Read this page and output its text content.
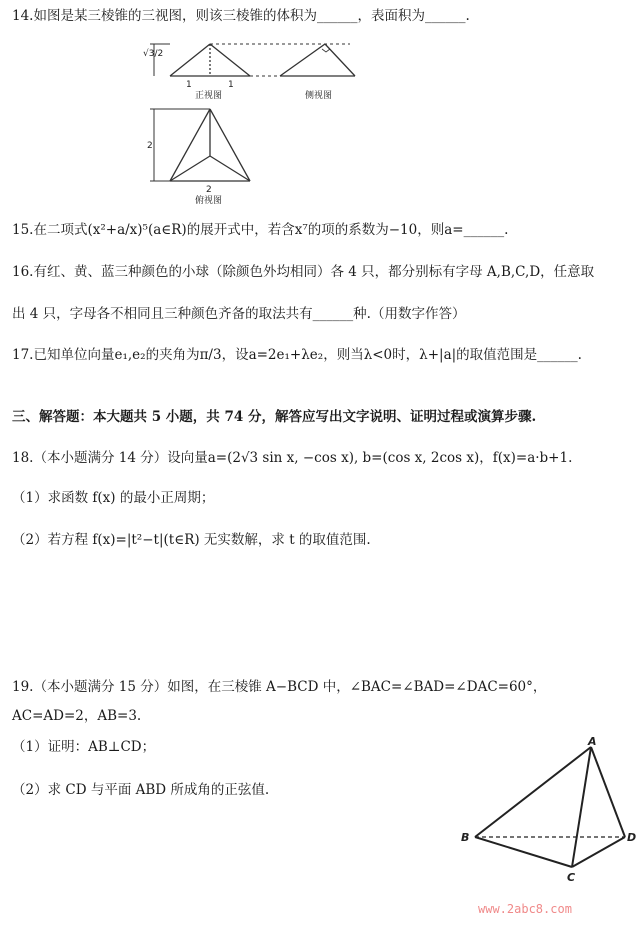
14.如图是某三棱锥的三视图，则该三棱锥的体积为______，表面积为______.
√3/2
1	1
正视图	侧视图
2
2
俯视图
15.在二项式(x²+a/x)⁵(a∈R)的展开式中，若含x⁷的项的系数为−10，则a=______.
16.有红、黄、蓝三种颜色的小球（除颜色外均相同）各 4 只，都分别标有字母 A,B,C,D，任意取
出 4 只，字母各不相同且三种颜色齐备的取法共有______种.（用数字作答）
17.已知单位向量e₁,e₂的夹角为π/3，设a=2e₁+λe₂，则当λ<0时，λ+|a|的取值范围是______.
三、解答题：本大题共 5 小题，共 74 分，解答应写出文字说明、证明过程或演算步骤.
18.（本小题满分 14 分）设向量a=(2√3 sin x, −cos x), b=(cos x, 2cos x)，f(x)=a·b+1.
（1）求函数 f(x) 的最小正周期；
（2）若方程 f(x)=|t²−t|(t∈R) 无实数解，求 t 的取值范围.
19.（本小题满分 15 分）如图，在三棱锥 A−BCD 中，∠BAC=∠BAD=∠DAC=60°，
AC=AD=2，AB=3.
（1）证明：AB⊥CD；
（2）求 CD 与平面 ABD 所成角的正弦值.
A
B
C
D
www.2abc8.com
